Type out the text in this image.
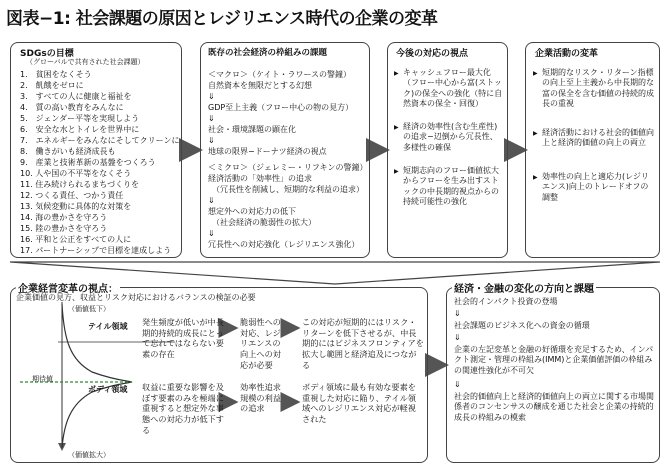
図表−1: 社会課題の原因とレジリエンス時代の企業の変革
SDGsの目標
（グローバルで共有された社会課題）
1.　貧困をなくそう
2.　飢餓をゼロに
3.　すべての人に健康と福祉を
4.　質の高い教育をみんなに
5.　ジェンダー平等を実現しよう
6.　安全な水とトイレを世界中に
7.　エネルギーをみんなにそしてクリーンに
8.　働きがいも経済成長も
9.　産業と技術革新の基盤をつくろう
10. 人や国の不平等をなくそう
11. 住み続けられるまちづくりを
12. つくる責任、つかう責任
13. 気候変動に具体的な対策を
14. 海の豊かさを守ろう
15. 陸の豊かさを守ろう
16. 平和と公正をすべての人に
17. パートナーシップで目標を達成しよう
既存の社会経済の枠組みの課題
＜マクロ＞（ケイト・ラワースの警鐘）
自然資本を無限だとする幻想
⇓
GDP至上主義（フロー中心の物の見方）
⇓
社会・環境課題の顕在化
⇓
地球の限界−ドーナツ経済の視点
＜ミクロ＞（ジェレミー・リフキンの警鐘）
経済活動の「効率性」の追求
（冗長性を削減し、短期的な利益の追求）
⇓
想定外への対応力の低下
（社会経済の脆弱性の拡大）
⇓
冗長性への対応強化（レジリエンス強化）
今後の対応の視点
▶ キャッシュフロー最大化（フロー中心から富(ストック)の保全への強化（特に自然資本の保全・回復）
▶ 経済の効率性(含む生産性)の追求−辺倒から冗長性、多様性の確保
▶ 短期志向のフロー価値拡大からフローを生み出すストックの中長期的視点からの持続可能性の強化
企業活動の変革
▶ 短期的なリスク・リターン指標の向上至上主義から中長期的な富の保全を含む価値の持続的成長の重視
▶ 経済活動における社会的価値向上と経済的価値の向上の両立
▶ 効率性の向上と適応力(レジリエンス)向上のトレードオフの調整
企業経営変革の視点：
企業価値の見方、収益とリスク対応におけるバランスの検証の必要
（価値低下）
（価値拡大）
テイル領域
ボディ領域
期待値
発生頻度が低いが中長期的持続的成長にとって忘れてはならない要素の存在
脆弱性への対応、レジリエンスの向上への対応が必要
この対応が短期的にはリスク・リターンを低下させるが、中長期的にはビジネスフロンティアを拡大し範囲と経済追及につながる
収益に重要な影響を及ぼす要素のみを極端に重視すると想定外な事態への対応力が低下する
効率性追求規模の利益の追求
ボディ領域に最も有効な要素を重視した対応に陥り、テイル領域へのレジリエンス対応が軽視された
経済・金融の変化の方向と課題
社会的インパクト投資の登場
⇓
社会課題のビジネス化への資金の循環
⇓
企業の左記変革と金融の好循環を充足するため、インパクト測定・管理の枠組み(IMM)と企業価値評価の枠組みの関連性強化が不可欠
⇓
社会的価値向上と経済的価値向上の両立に関する市場関係者のコンセンサスの醸成を通じた社会と企業の持続的成長の枠組みの模索
